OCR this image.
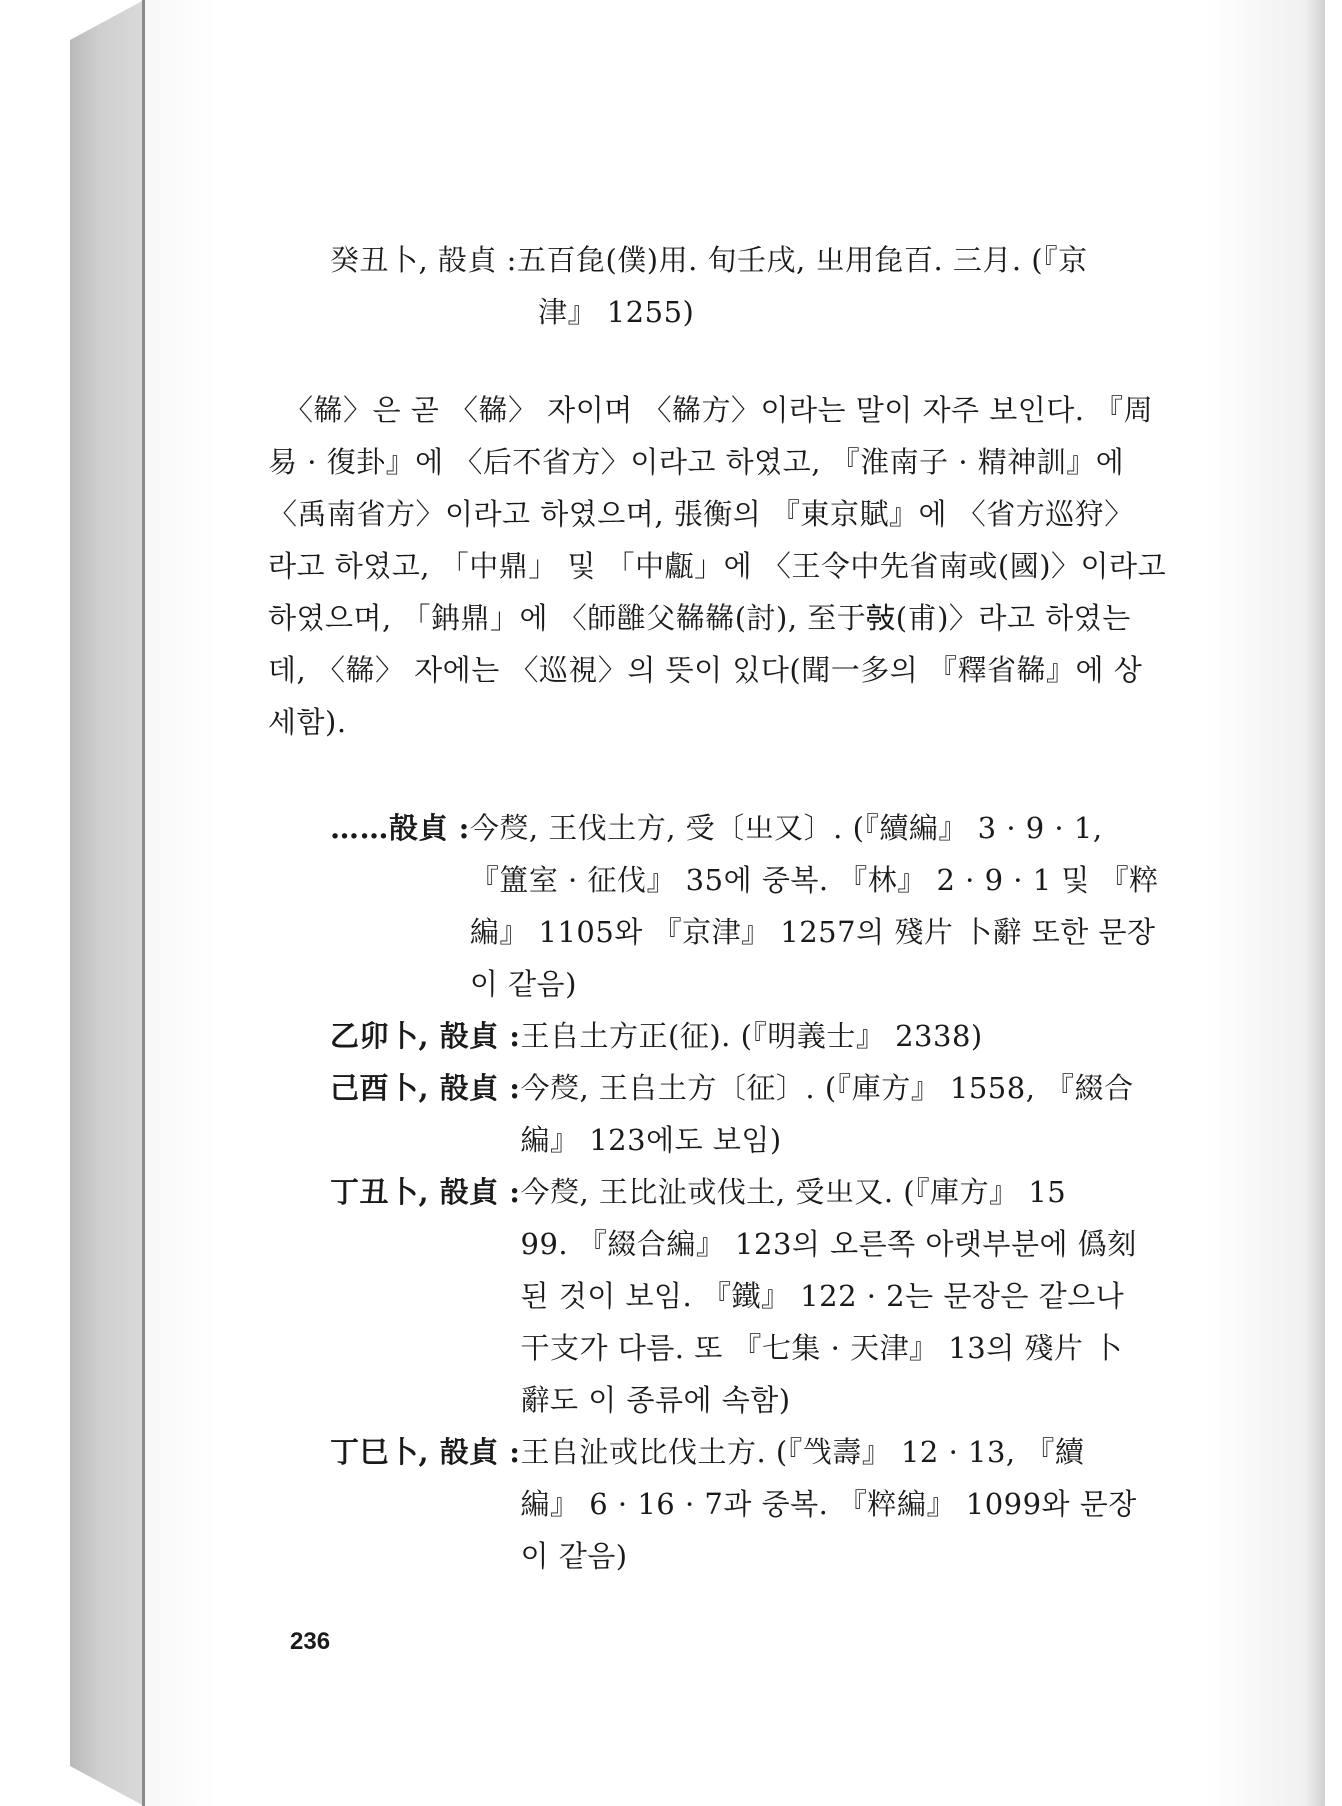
癸丑卜, 㱿貞 : 五百㲋(僕)用. 旬壬戌, 㞢用㲋百. 三月. (『京
津』 1255)
〈㣈〉은 곧 〈㣈〉 자이며 〈㣈方〉이라는 말이 자주 보인다. 『周
易 · 復卦』에 〈后不省方〉이라고 하였고, 『淮南子 · 精神訓』에
〈禹南省方〉이라고 하였으며, 張衡의 『東京賦』에 〈省方巡狩〉
라고 하였고, 「中鼎」 및 「中甗」에 〈王令中先省南或(國)〉이라고
하였으며, 「䤡鼎」에 〈師雝父㣈㣈(討), 至于𢾊(甫)〉라고 하였는
데, 〈㣈〉 자에는 〈巡視〉의 뜻이 있다(聞一多의 『釋省㣈』에 상
세함).
……㱿貞 : 今𠭰, 王伐土方, 受〔㞢又〕. (『續編』 3 · 9 · 1,
『簠室 · 征伐』 35에 중복. 『林』 2 · 9 · 1 및 『粹
編』 1105와 『京津』 1257의 殘片 卜辭 또한 문장
이 같음)
乙卯卜, 㱿貞 : 王𠂤土方正(征). (『明義士』 2338)
己酉卜, 㱿貞 : 今𠭰, 王𠂤土方〔征〕. (『庫方』 1558, 『綴合
編』 123에도 보임)
丁丑卜, 㱿貞 : 今𠭰, 王比沚戓伐土, 受㞢又. (『庫方』 15
99. 『綴合編』 123의 오른쪽 아랫부분에 僞刻
된 것이 보임. 『鐵』 122 · 2는 문장은 같으나
干支가 다름. 또 『七集 · 天津』 13의 殘片 卜
辭도 이 종류에 속함)
丁巳卜, 㱿貞 : 王𠂤沚戓比伐土方. (『㦰壽』 12 · 13, 『續
編』 6 · 16 · 7과 중복. 『粹編』 1099와 문장
이 같음)
236
